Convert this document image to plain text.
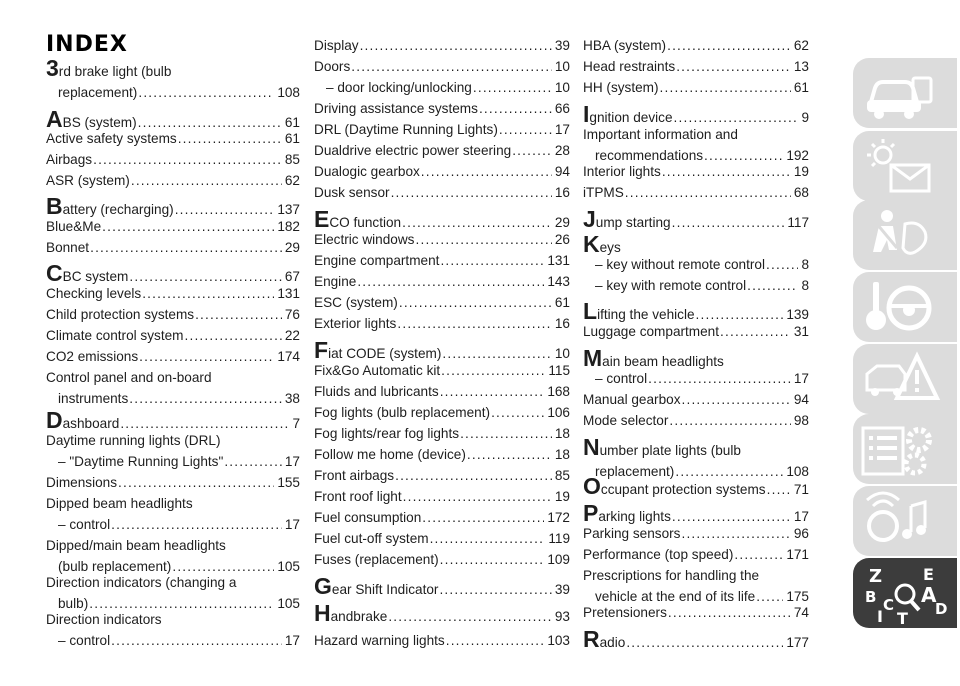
INDEX
3rd brake light (bulb
replacement) .....	108
ABS (system) .....	61
Active safety systems .....	61
Airbags .....	85
ASR (system) .....	62
Battery (recharging) .....	137
Blue&Me .....	182
Bonnet .....	29
CBC system .....	67
Checking levels .....	131
Child protection systems .....	76
Climate control system .....	22
CO2 emissions .....	174
Control panel and on-board
instruments .....	38
Dashboard .....	7
Daytime running lights (DRL)
– "Daytime Running Lights" .....	17
Dimensions .....	155
Dipped beam headlights
– control .....	17
Dipped/main beam headlights
(bulb replacement) .....	105
Direction indicators (changing a
bulb) .....	105
Direction indicators
– control .....	17
Display .....	39
Doors .....	10
– door locking/unlocking .....	10
Driving assistance systems .....	66
DRL (Daytime Running Lights) .....	17
Dualdrive electric power steering .....	28
Dualogic gearbox .....	94
Dusk sensor .....	16
ECO function .....	29
Electric windows .....	26
Engine compartment .....	131
Engine .....	143
ESC (system) .....	61
Exterior lights .....	16
Fiat CODE (system) .....	10
Fix&Go Automatic kit .....	115
Fluids and lubricants .....	168
Fog lights (bulb replacement) .....	106
Fog lights/rear fog lights .....	18
Follow me home (device) .....	18
Front airbags .....	85
Front roof light .....	19
Fuel consumption .....	172
Fuel cut-off system .....	119
Fuses (replacement) .....	109
Gear Shift Indicator .....	39
Handbrake .....	93
Hazard warning lights .....	103
HBA (system) .....	62
Head restraints .....	13
HH (system) .....	61
Ignition device .....	9
Important information and
recommendations .....	192
Interior lights .....	19
iTPMS .....	68
Jump starting .....	117
Keys
– key without remote control .....	8
– key with remote control .....	8
Lifting the vehicle .....	139
Luggage compartment .....	31
Main beam headlights
– control .....	17
Manual gearbox .....	94
Mode selector .....	98
Number plate lights (bulb
replacement) .....	108
Occupant protection systems ..... 71
Parking lights .....	17
Parking sensors .....	96
Performance (top speed) .....	171
Prescriptions for handling the
vehicle at the end of its life ..... 175
Pretensioners .....	74
Radio .....	177
Z	E
B A
C
I T D
